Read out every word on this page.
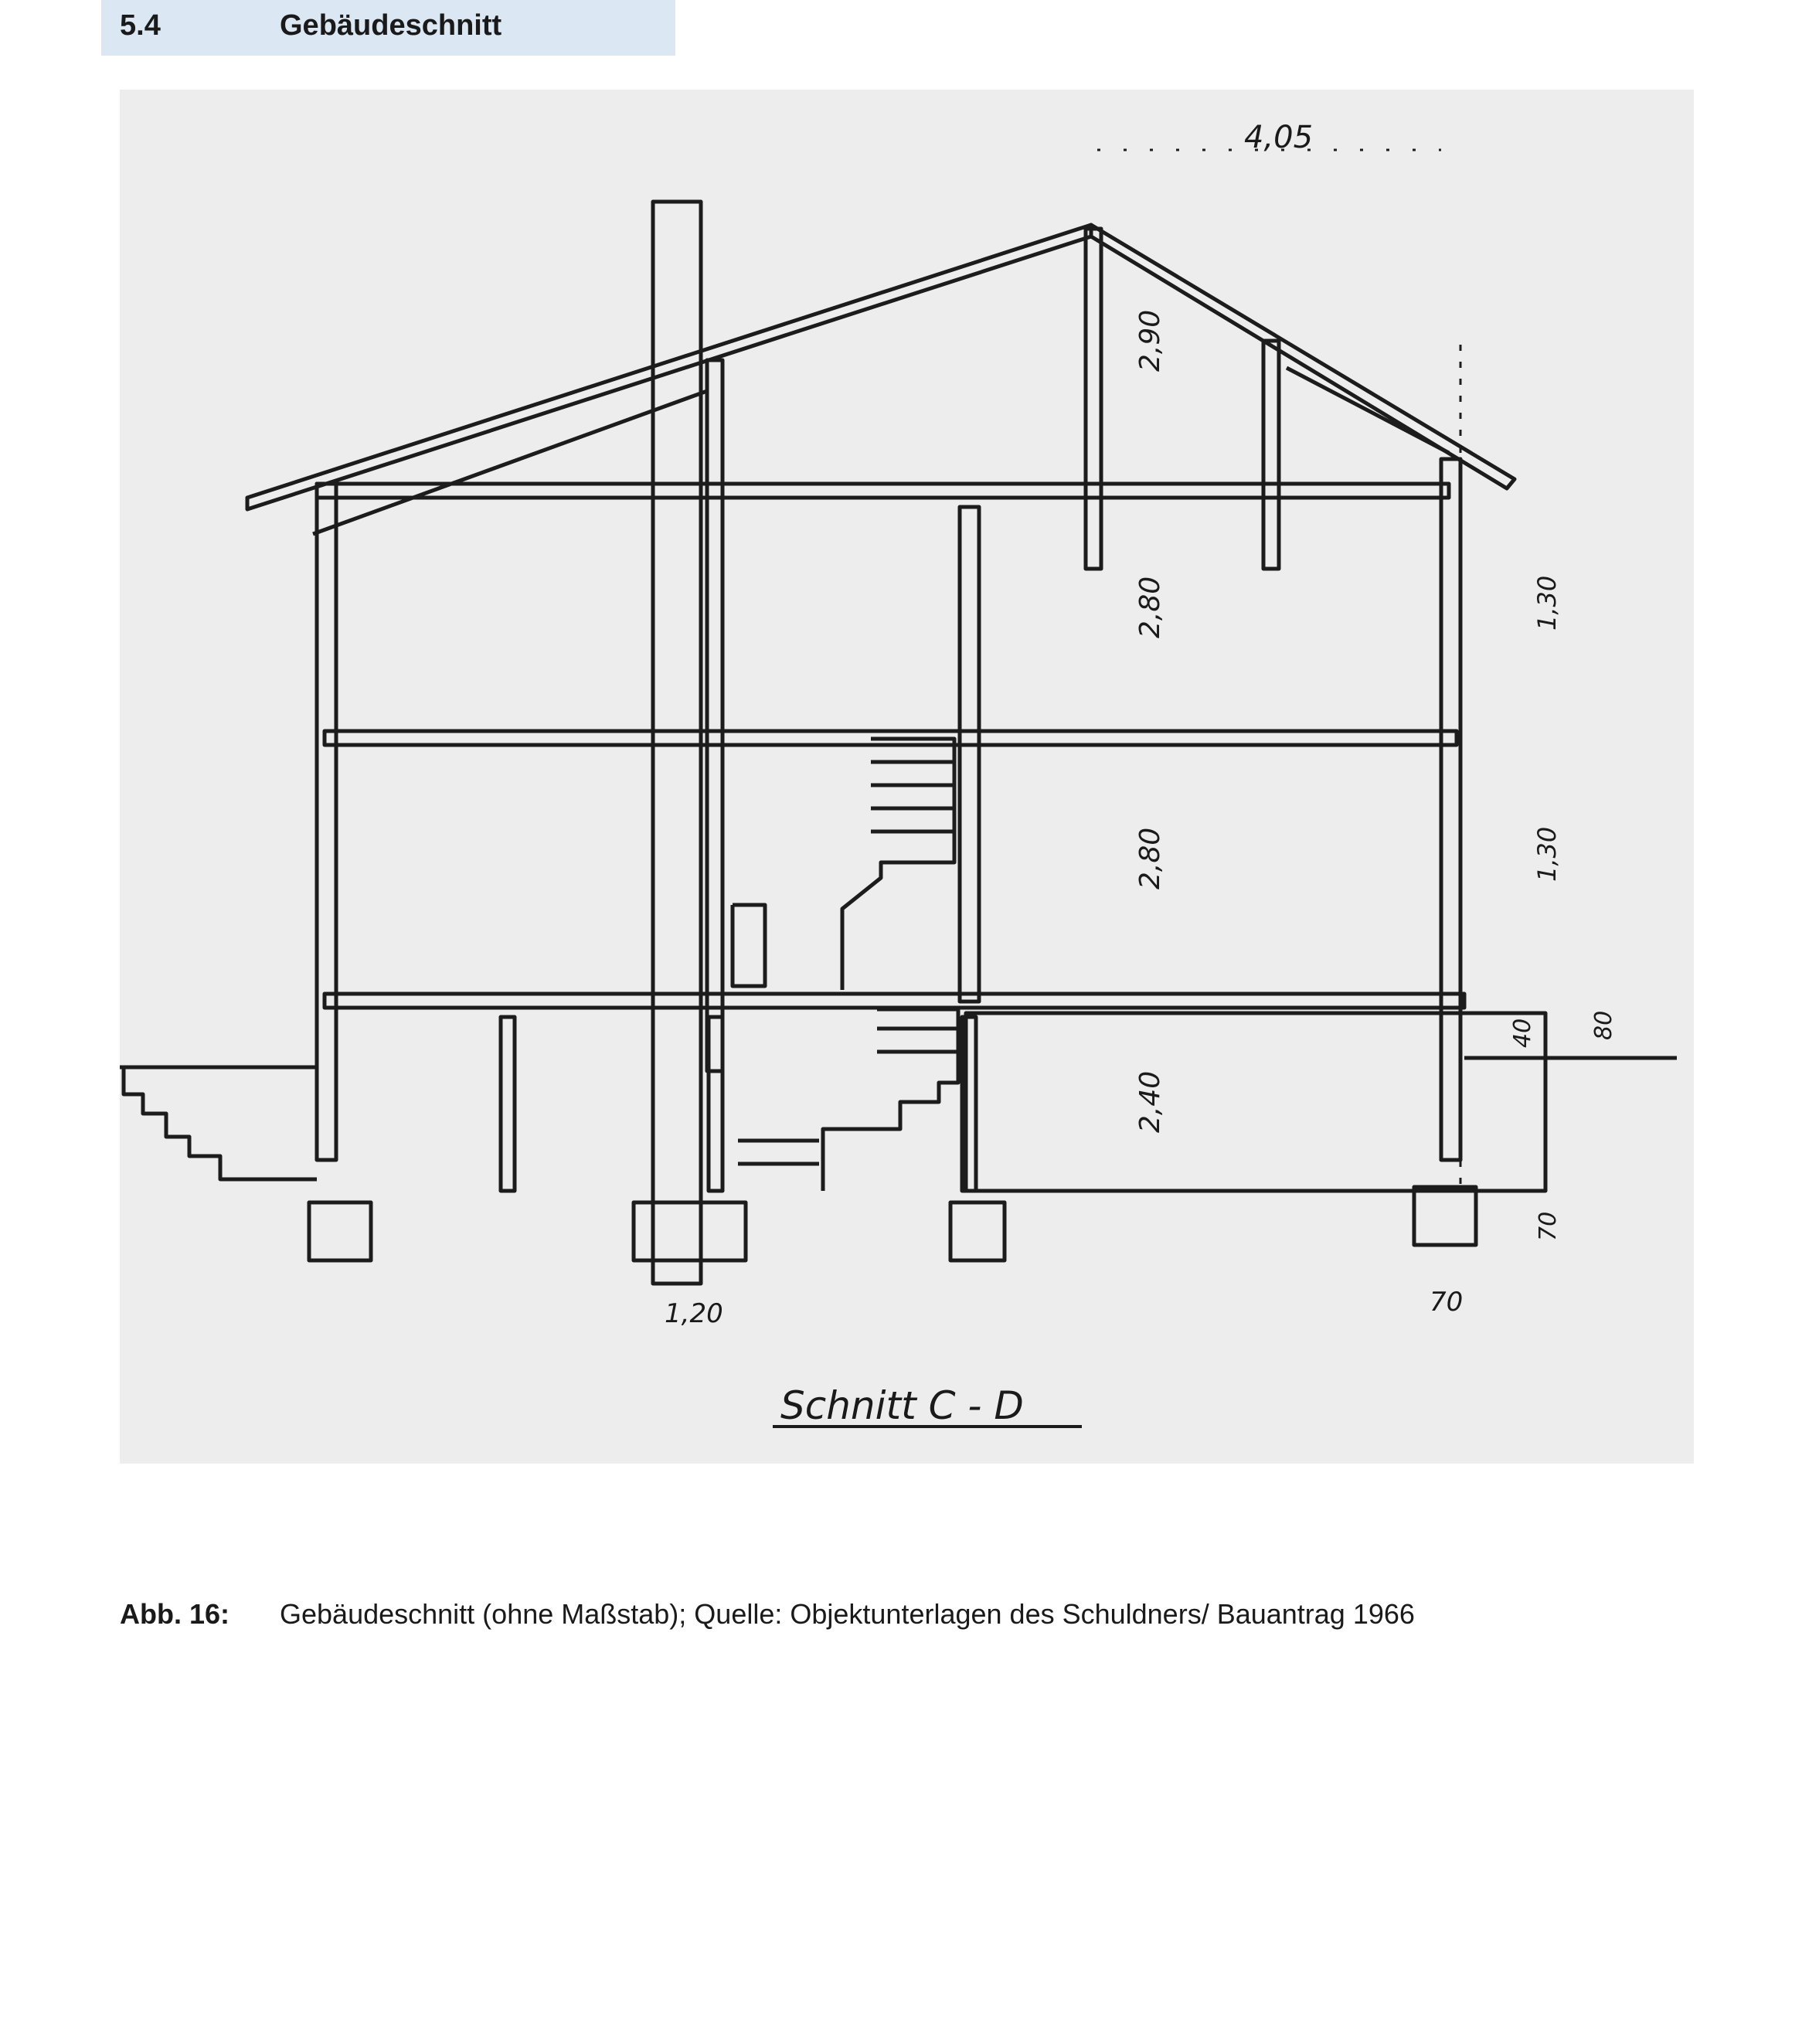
5.4	Gebäudeschnitt
4,05
2,90
2,80
2,80
2,40
1,30
1,30
40 80
70
70
1,20
Schnitt C - D
Abb. 16: Gebäudeschnitt (ohne Maßstab); Quelle: Objektunterlagen des Schuldners/ Bauantrag 1966
